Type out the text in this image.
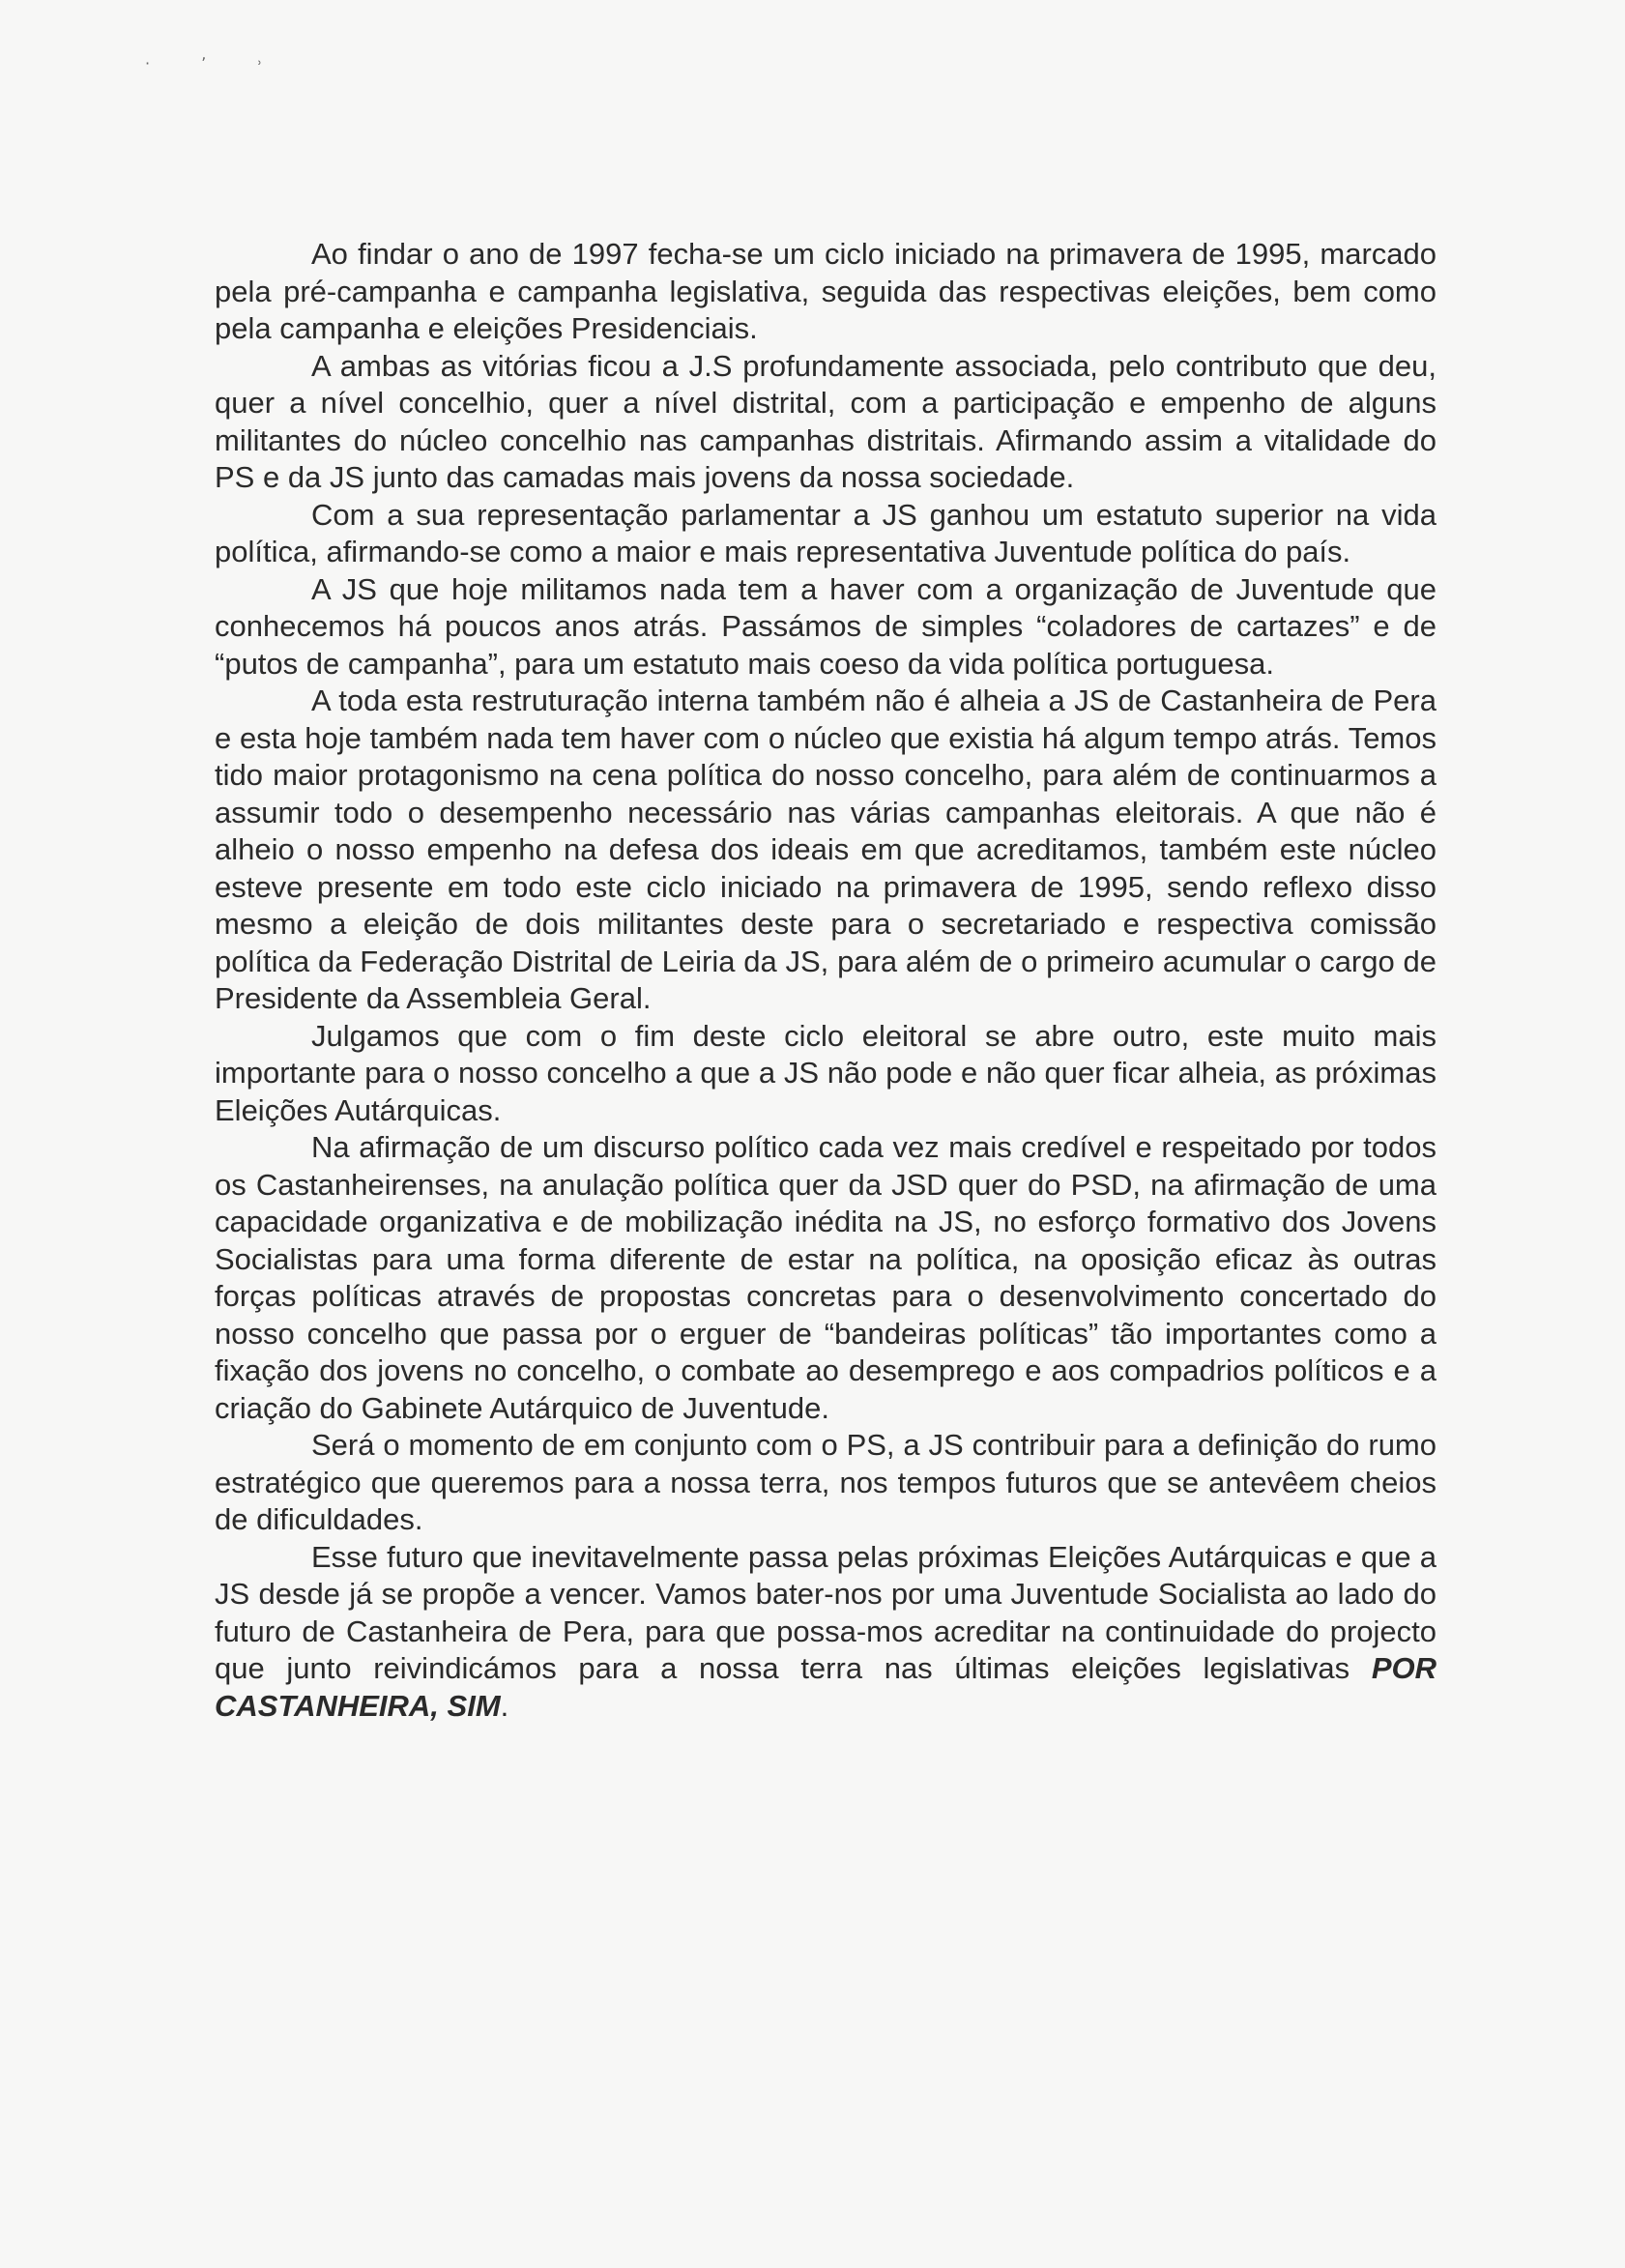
· ʼ ˒

Ao findar o ano de 1997 fecha-se um ciclo iniciado na primavera de 1995, marcado pela pré-campanha e campanha legislativa, seguida das respectivas eleições, bem como pela campanha e eleições Presidenciais.

A ambas as vitórias ficou a J.S profundamente associada, pelo contributo que deu, quer a nível concelhio, quer a nível distrital, com a participação e empenho de alguns militantes do núcleo concelhio nas campanhas distritais. Afirmando assim a vitalidade do PS e da JS junto das camadas mais jovens da nossa sociedade.

Com a sua representação parlamentar a JS ganhou um estatuto superior na vida política, afirmando-se como a maior e mais representativa Juventude política do país.

A JS que hoje militamos nada tem a haver com a organização de Juventude que conhecemos há poucos anos atrás. Passámos de simples “coladores de cartazes” e de “putos de campanha”, para um estatuto mais coeso da vida política portuguesa.

A toda esta restruturação interna também não é alheia a JS de Castanheira de Pera e esta hoje também nada tem haver com o núcleo que existia há algum tempo atrás. Temos tido maior protagonismo na cena política do nosso concelho, para além de continuarmos a assumir todo o desempenho necessário nas várias campanhas eleitorais. A que não é alheio o nosso empenho na defesa dos ideais em que acreditamos, também este núcleo esteve presente em todo este ciclo iniciado na primavera de 1995, sendo reflexo disso mesmo a eleição de dois militantes deste para o secretariado e respectiva comissão política da Federação Distrital de Leiria da JS, para além de o primeiro acumular o cargo de Presidente da Assembleia Geral.

Julgamos que com o fim deste ciclo eleitoral se abre outro, este muito mais importante para o nosso concelho a que a JS não pode e não quer ficar alheia, as próximas Eleições Autárquicas.

Na afirmação de um discurso político cada vez mais credível e respeitado por todos os Castanheirenses, na anulação política quer da JSD quer do PSD, na afirmação de uma capacidade organizativa e de mobilização inédita na JS, no esforço formativo dos Jovens Socialistas para uma forma diferente de estar na política, na oposição eficaz às outras forças políticas através de propostas concretas para o desenvolvimento concertado do nosso concelho que passa por o erguer de “bandeiras políticas” tão importantes como a fixação dos jovens no concelho, o combate ao desemprego e aos compadrios políticos e a criação do Gabinete Autárquico de Juventude.

Será o momento de em conjunto com o PS, a JS contribuir para a definição do rumo estratégico que queremos para a nossa terra, nos tempos futuros que se antevêem cheios de dificuldades.

Esse futuro que inevitavelmente passa pelas próximas Eleições Autárquicas e que a JS desde já se propõe a vencer. Vamos bater-nos por uma Juventude Socialista ao lado do futuro de Castanheira de Pera, para que possa-mos acreditar na continuidade do projecto que junto reivindicámos para a nossa terra nas últimas eleições legislativas POR CASTANHEIRA, SIM.
